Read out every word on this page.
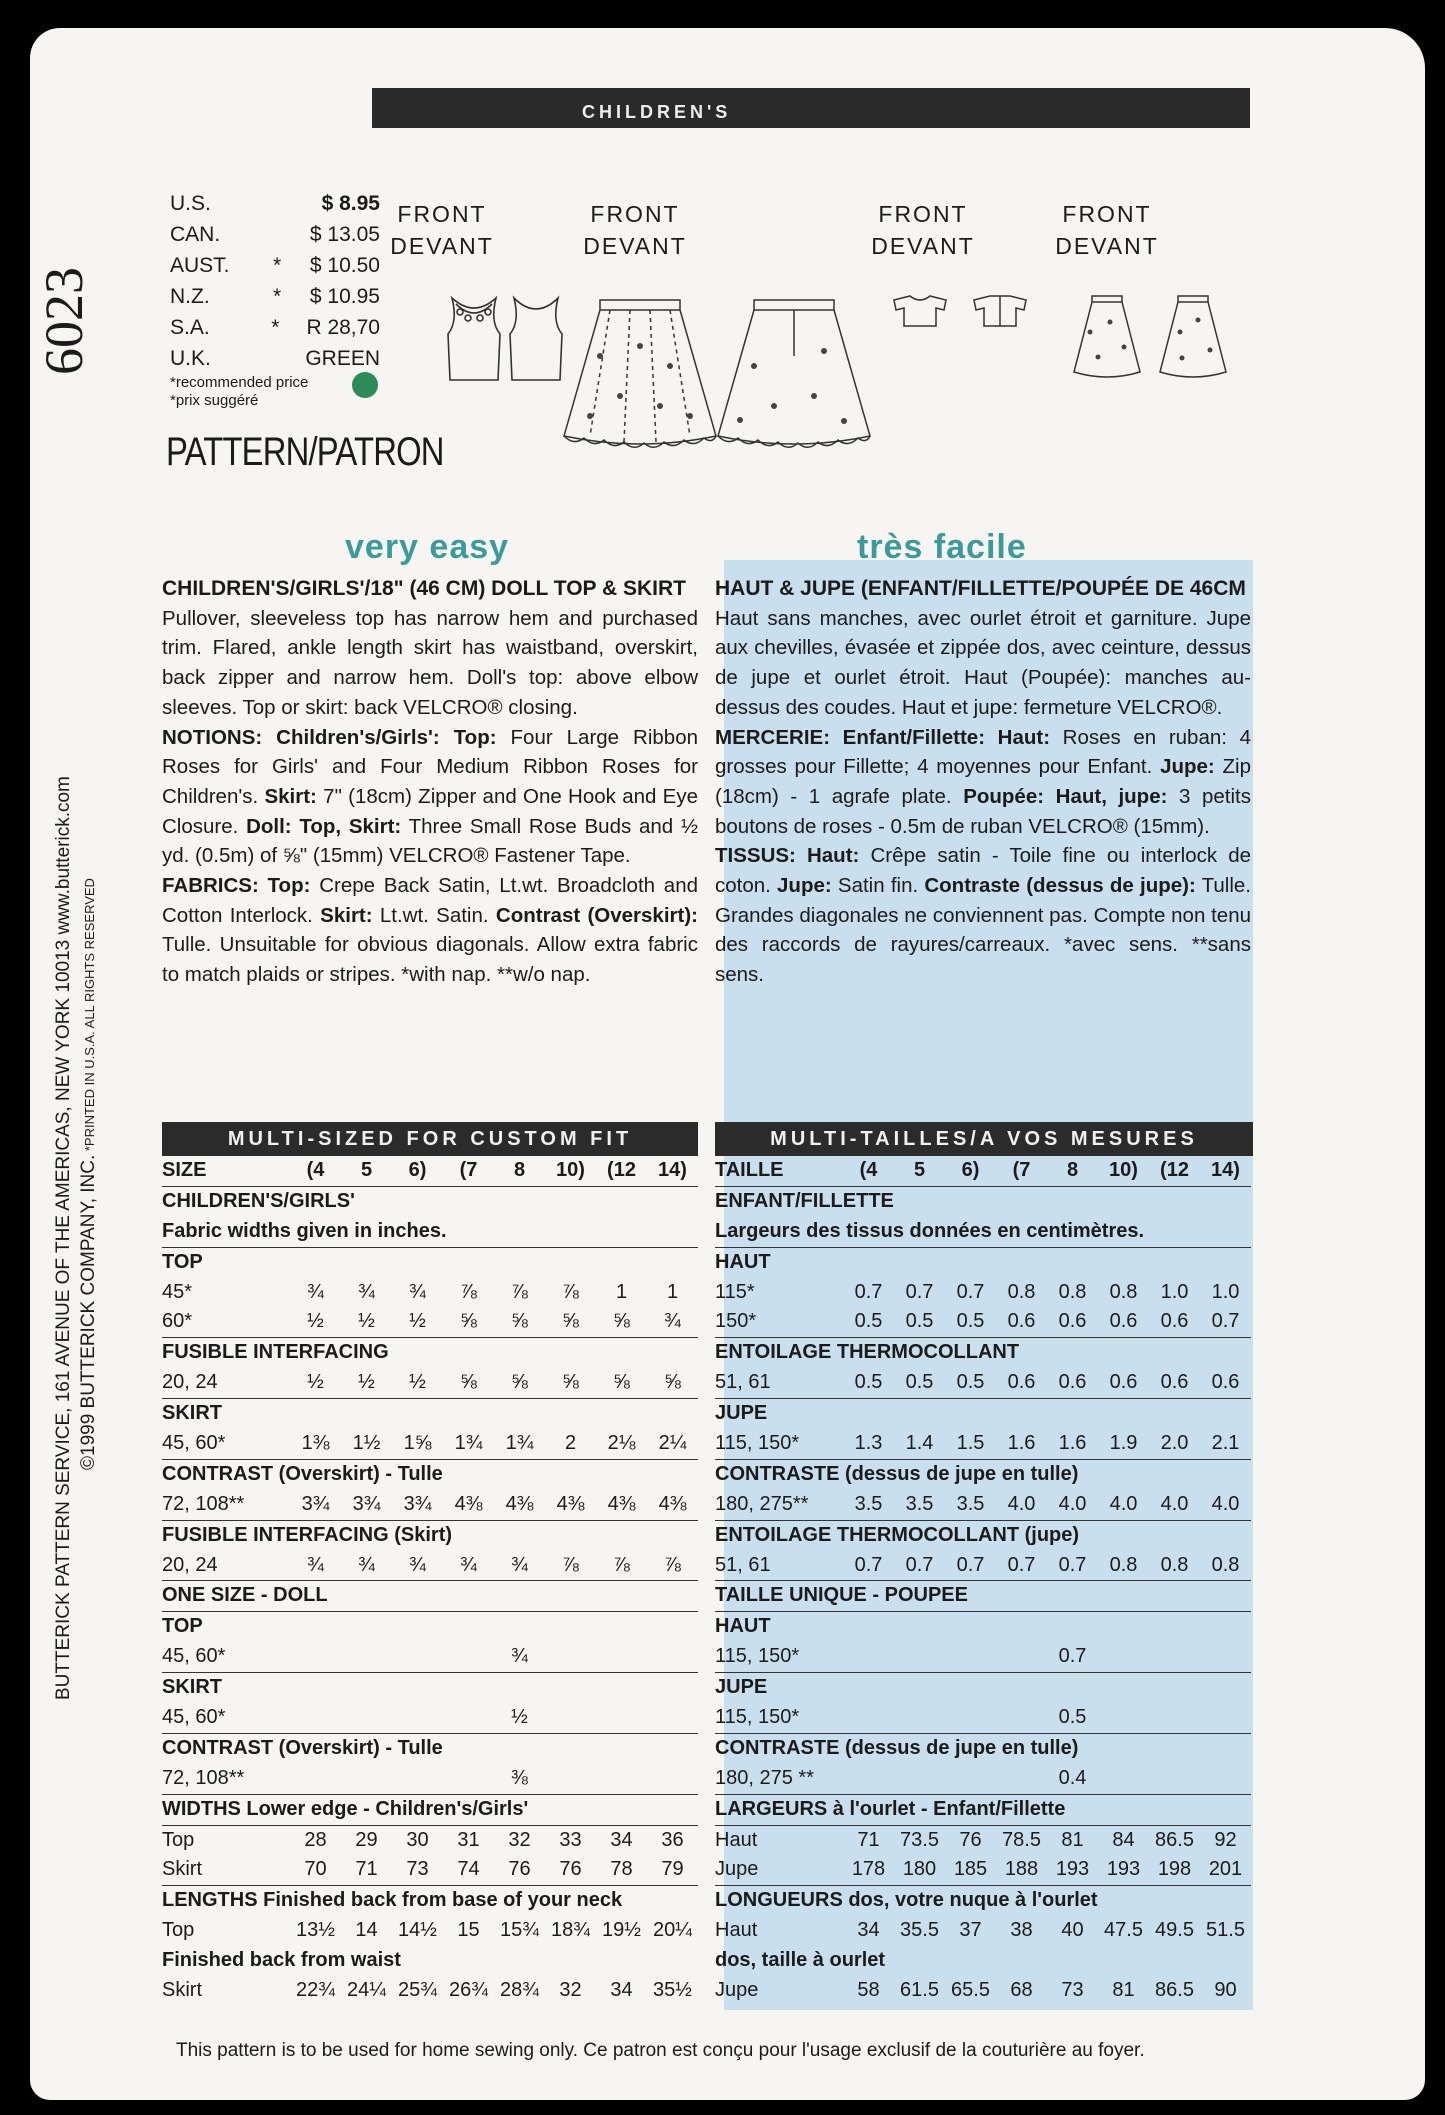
CHILDREN'S
6023
BUTTERICK PATTERN SERVICE, 161 AVENUE OF THE AMERICAS, NEW YORK 10013 www.butterick.com ©1999 BUTTERICK COMPANY, INC. *PRINTED IN U.S.A. ALL RIGHTS RESERVED
U.S.	$ 8.95
CAN.	$ 13.05
AUST.	* $ 10.50
N.Z.	* $ 10.95
S.A.	* R 28,70
U.K.	GREEN
*recommended price
*prix suggéré
PATTERN/PATRON
FRONT
DEVANT
FRONT
DEVANT
FRONT
DEVANT
FRONT
DEVANT
very easy	très facile

CHILDREN'S/GIRLS'/18" (46 CM) DOLL TOP & SKIRT

Pullover, sleeveless top has narrow hem and purchased trim. Flared, ankle length skirt has waistband, overskirt, back zipper and narrow hem. Doll's top: above elbow sleeves. Top or skirt: back VELCRO® closing.

NOTIONS: Children's/Girls': Top: Four Large Ribbon Roses for Girls' and Four Medium Ribbon Roses for Children's. Skirt: 7" (18cm) Zipper and One Hook and Eye Closure. Doll: Top, Skirt: Three Small Rose Buds and ½ yd. (0.5m) of ⅝" (15mm) VELCRO® Fastener Tape.

FABRICS: Top: Crepe Back Satin, Lt.wt. Broadcloth and Cotton Interlock. Skirt: Lt.wt. Satin. Contrast (Overskirt): Tulle. Unsuitable for obvious diagonals. Allow extra fabric to match plaids or stripes. *with nap. **w/o nap.

HAUT & JUPE (ENFANT/FILLETTE/POUPÉE DE 46CM

Haut sans manches, avec ourlet étroit et garniture. Jupe aux chevilles, évasée et zippée dos, avec ceinture, dessus de jupe et ourlet étroit. Haut (Poupée): manches au-dessus des coudes. Haut et jupe: fermeture VELCRO®.

MERCERIE: Enfant/Fillette: Haut: Roses en ruban: 4 grosses pour Fillette; 4 moyennes pour Enfant. Jupe: Zip (18cm) - 1 agrafe plate. Poupée: Haut, jupe: 3 petits boutons de roses - 0.5m de ruban VELCRO® (15mm).

TISSUS: Haut: Crêpe satin - Toile fine ou interlock de coton. Jupe: Satin fin. Contraste (dessus de jupe): Tulle. Grandes diagonales ne conviennent pas. Compte non tenu des raccords de rayures/carreaux. *avec sens. **sans sens.

MULTI-SIZED FOR CUSTOM FIT	MULTI-TAILLES/A VOS MESURES
SIZE	(4	5	6)	(7	8	10)	(12	14)
CHILDREN'S/GIRLS'
Fabric widths given in inches.
TOP
45*	¾	¾	¾	⅞	⅞	⅞	1	1
60*	½	½	½	⅝	⅝	⅝	⅝	¾
FUSIBLE INTERFACING
20, 24	½	½	½	⅝	⅝	⅝	⅝	⅝
SKIRT
45, 60*	1⅜	1½	1⅝	1¾	1¾	2	2⅛	2¼
CONTRAST (Overskirt) - Tulle
72, 108**	3¾	3¾	3¾	4⅜	4⅜	4⅜	4⅜	4⅜
FUSIBLE INTERFACING (Skirt)
20, 24	¾	¾	¾	¾	¾	⅞	⅞	⅞
ONE SIZE - DOLL
TOP
45, 60*	¾
SKIRT
45, 60*	½
CONTRAST (Overskirt) - Tulle
72, 108**	⅜
WIDTHS Lower edge - Children's/Girls'
Top	28	29	30	31	32	33	34	36
Skirt	70	71	73	74	76	76	78	79
LENGTHS Finished back from base of your neck
Top	13½	14	14½	15	15¾ 18¾ 19½ 20¼
Finished back from waist
Skirt	22¾ 24¼ 25¾ 26¾ 28¾	32	34	35½
TAILLE	(4	5	6)	(7	8	10)	(12	14)
ENFANT/FILLETTE
Largeurs des tissus données en centimètres.
HAUT
115*	0.7	0.7	0.7	0.8	0.8	0.8	1.0	1.0
150*	0.5	0.5	0.5	0.6	0.6	0.6	0.6	0.7
ENTOILAGE THERMOCOLLANT
51, 61	0.5	0.5	0.5	0.6	0.6	0.6	0.6	0.6
JUPE
115, 150*	1.3	1.4	1.5	1.6	1.6	1.9	2.0	2.1
CONTRASTE (dessus de jupe en tulle)
180, 275**	3.5	3.5	3.5	4.0	4.0	4.0	4.0	4.0
ENTOILAGE THERMOCOLLANT (jupe)
51, 61	0.7	0.7	0.7	0.7	0.7	0.8	0.8	0.8
TAILLE UNIQUE - POUPEE
HAUT
115, 150*	0.7
JUPE
115, 150*	0.5
CONTRASTE (dessus de jupe en tulle)
180, 275 **	0.4
LARGEURS à l'ourlet - Enfant/Fillette
Haut	71	73.5	76	78.5	81	84	86.5	92
Jupe	178 180 185 188 193 193 198 201
LONGUEURS dos, votre nuque à l'ourlet
Haut	34	35.5	37	38	40	47.5 49.5 51.5
dos, taille à ourlet
Jupe	58	61.5 65.5	68	73	81	86.5	90
This pattern is to be used for home sewing only. Ce patron est conçu pour l'usage exclusif de la couturière au foyer.
